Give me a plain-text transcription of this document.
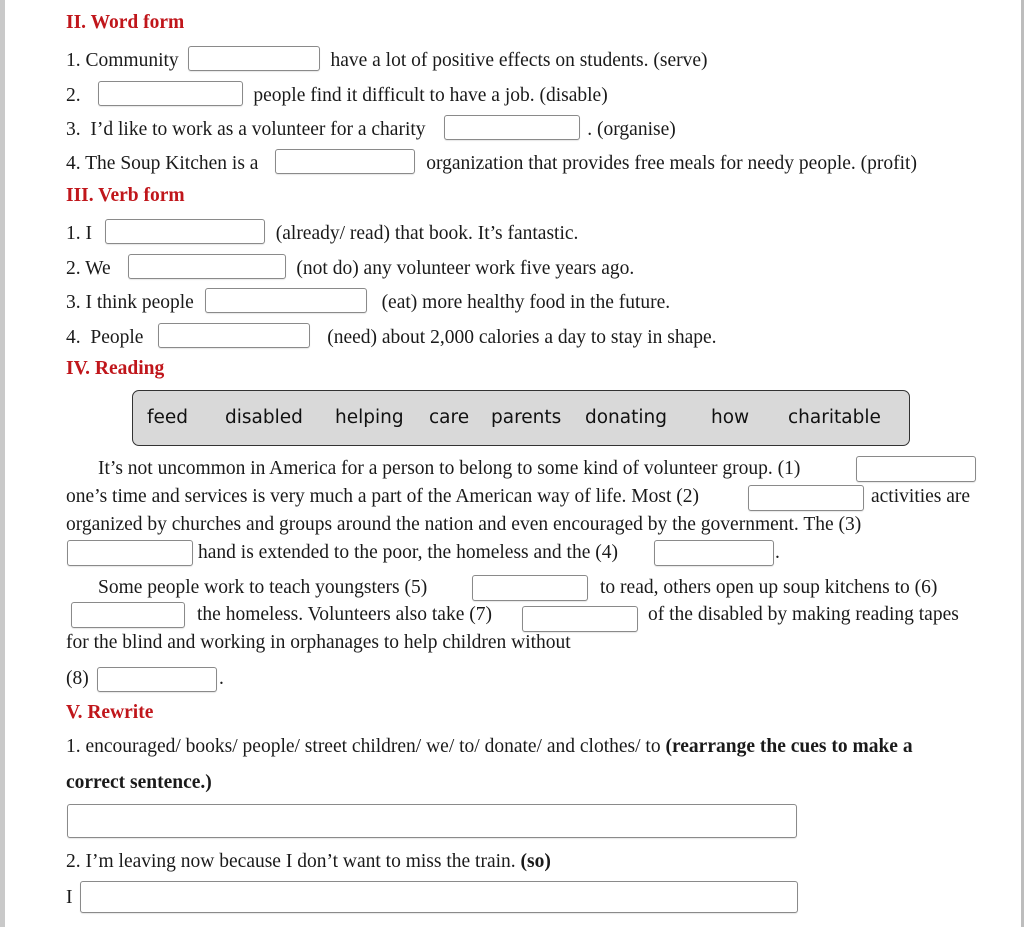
II. Word form
1. Community	have a lot of positive effects on students. (serve)
2.	people find it difficult to have a job. (disable)
3.  I’d like to work as a volunteer for a charity	. (organise)
4. The Soup Kitchen is a	organization that provides free meals for needy people. (profit)
III. Verb form
1. I	(already/ read) that book. It’s fantastic.
2. We	(not do) any volunteer work five years ago.
3. I think people	(eat) more healthy food in the future.
4.  People	(need) about 2,000 calories a day to stay in shape.
IV. Reading
feed disabled helping care parents donating how charitable
It’s not uncommon in America for a person to belong to some kind of volunteer group. (1)
one’s time and services is very much a part of the American way of life. Most (2)	activities are
organized by churches and groups around the nation and even encouraged by the government. The (3)
hand is extended to the poor, the homeless and the (4)	.
Some people work to teach youngsters (5)	to read, others open up soup kitchens to (6)
the homeless. Volunteers also take (7)	of the disabled by making reading tapes
for the blind and working in orphanages to help children without
(8)	.
V. Rewrite
1. encouraged/ books/ people/ street children/ we/ to/ donate/ and clothes/ to (rearrange the cues to make a
correct sentence.)
2. I’m leaving now because I don’t want to miss the train. (so)
I
